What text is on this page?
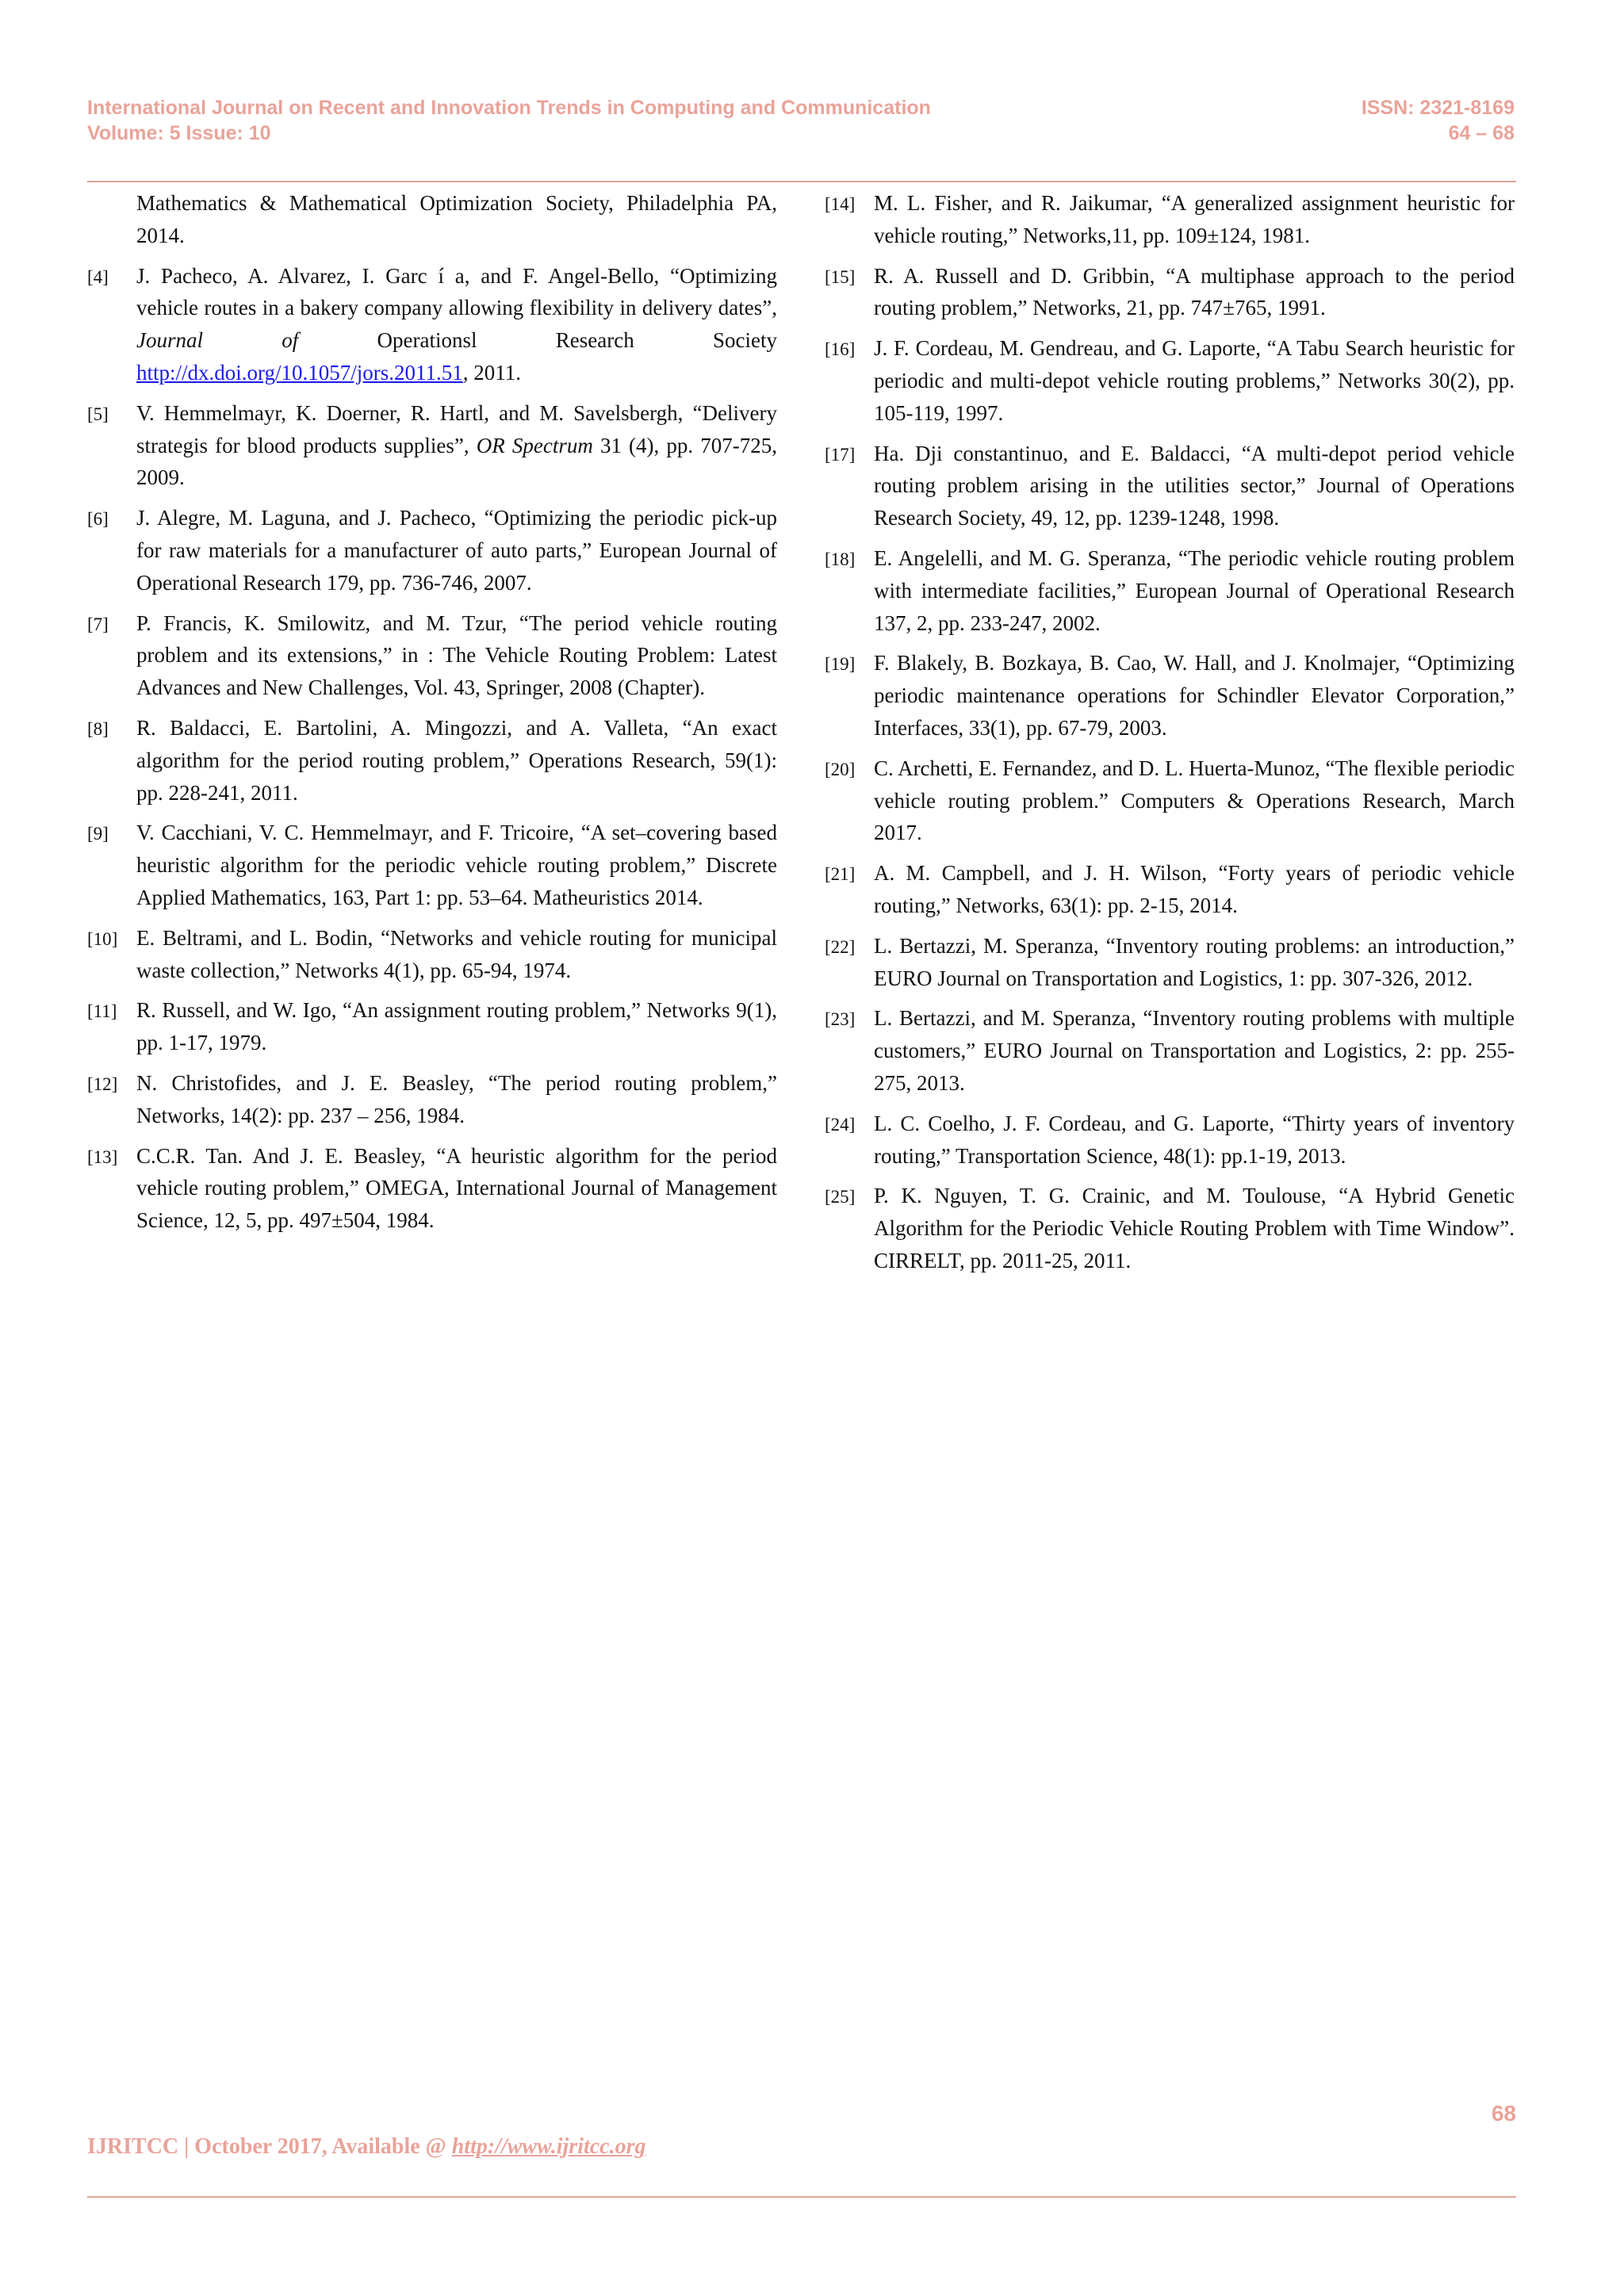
International Journal on Recent and Innovation Trends in Computing and Communication
Volume: 5 Issue: 10
ISSN: 2321-8169
64 – 68
Mathematics & Mathematical Optimization Society, Philadelphia PA, 2014.
[4] J. Pacheco, A. Alvarez, I. Garc í a, and F. Angel-Bello, “Optimizing vehicle routes in a bakery company allowing flexibility in delivery dates”, Journal of Operationsl Research Society http://dx.doi.org/10.1057/jors.2011.51, 2011.
[5] V. Hemmelmayr, K. Doerner, R. Hartl, and M. Savelsbergh, “Delivery strategis for blood products supplies”, OR Spectrum 31 (4), pp. 707-725, 2009.
[6] J. Alegre, M. Laguna, and J. Pacheco, “Optimizing the periodic pick-up for raw materials for a manufacturer of auto parts,” European Journal of Operational Research 179, pp. 736-746, 2007.
[7] P. Francis, K. Smilowitz, and M. Tzur, “The period vehicle routing problem and its extensions,” in : The Vehicle Routing Problem: Latest Advances and New Challenges, Vol. 43, Springer, 2008 (Chapter).
[8] R. Baldacci, E. Bartolini, A. Mingozzi, and A. Valleta, “An exact algorithm for the period routing problem,” Operations Research, 59(1): pp. 228-241, 2011.
[9] V. Cacchiani, V. C. Hemmelmayr, and F. Tricoire, “A set–covering based heuristic algorithm for the periodic vehicle routing problem,” Discrete Applied Mathematics, 163, Part 1: pp. 53–64. Matheuristics 2014.
[10] E. Beltrami, and L. Bodin, “Networks and vehicle routing for municipal waste collection,” Networks 4(1), pp. 65-94, 1974.
[11] R. Russell, and W. Igo, “An assignment routing problem,” Networks 9(1), pp. 1-17, 1979.
[12] N. Christofides, and J. E. Beasley, “The period routing problem,” Networks, 14(2): pp. 237 – 256, 1984.
[13] C.C.R. Tan. And J. E. Beasley, “A heuristic algorithm for the period vehicle routing problem,” OMEGA, International Journal of Management Science, 12, 5, pp. 497±504, 1984.
[14] M. L. Fisher, and R. Jaikumar, “A generalized assignment heuristic for vehicle routing,” Networks,11, pp. 109±124, 1981.
[15] R. A. Russell and D. Gribbin, “A multiphase approach to the period routing problem,” Networks, 21, pp. 747±765, 1991.
[16] J. F. Cordeau, M. Gendreau, and G. Laporte, “A Tabu Search heuristic for periodic and multi-depot vehicle routing problems,” Networks 30(2), pp. 105-119, 1997.
[17] Ha. Dji constantinuo, and E. Baldacci, “A multi-depot period vehicle routing problem arising in the utilities sector,” Journal of Operations Research Society, 49, 12, pp. 1239-1248, 1998.
[18] E. Angelelli, and M. G. Speranza, “The periodic vehicle routing problem with intermediate facilities,” European Journal of Operational Research 137, 2, pp. 233-247, 2002.
[19] F. Blakely, B. Bozkaya, B. Cao, W. Hall, and J. Knolmajer, “Optimizing periodic maintenance operations for Schindler Elevator Corporation,” Interfaces, 33(1), pp. 67-79, 2003.
[20] C. Archetti, E. Fernandez, and D. L. Huerta-Munoz, “The flexible periodic vehicle routing problem.” Computers & Operations Research, March 2017.
[21] A. M. Campbell, and J. H. Wilson, “Forty years of periodic vehicle routing,” Networks, 63(1): pp. 2-15, 2014.
[22] L. Bertazzi, M. Speranza, “Inventory routing problems: an introduction,” EURO Journal on Transportation and Logistics, 1: pp. 307-326, 2012.
[23] L. Bertazzi, and M. Speranza, “Inventory routing problems with multiple customers,” EURO Journal on Transportation and Logistics, 2: pp. 255-275, 2013.
[24] L. C. Coelho, J. F. Cordeau, and G. Laporte, “Thirty years of inventory routing,” Transportation Science, 48(1): pp.1-19, 2013.
[25] P. K. Nguyen, T. G. Crainic, and M. Toulouse, “A Hybrid Genetic Algorithm for the Periodic Vehicle Routing Problem with Time Window”. CIRRELT, pp. 2011-25, 2011.
68
IJRITCC | October 2017, Available @ http://www.ijritcc.org
